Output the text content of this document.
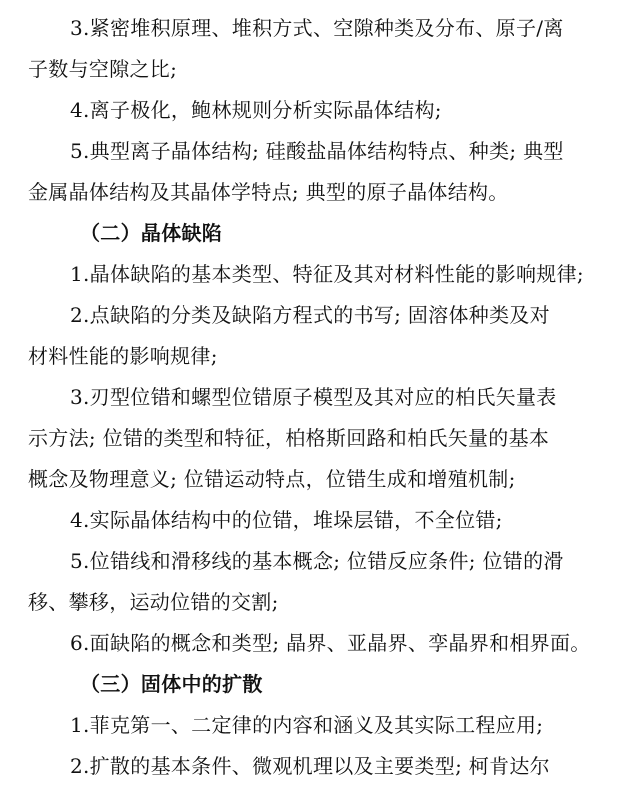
3.紧密堆积原理、堆积方式、空隙种类及分布、原子/离
子数与空隙之比;
4.离子极化，鲍林规则分析实际晶体结构;
5.典型离子晶体结构; 硅酸盐晶体结构特点、种类; 典型
金属晶体结构及其晶体学特点; 典型的原子晶体结构。
（二）晶体缺陷
1.晶体缺陷的基本类型、特征及其对材料性能的影响规律;
2.点缺陷的分类及缺陷方程式的书写; 固溶体种类及对
材料性能的影响规律;
3.刃型位错和螺型位错原子模型及其对应的柏氏矢量表
示方法; 位错的类型和特征，柏格斯回路和柏氏矢量的基本
概念及物理意义; 位错运动特点，位错生成和增殖机制;
4.实际晶体结构中的位错，堆垛层错，不全位错;
5.位错线和滑移线的基本概念; 位错反应条件; 位错的滑
移、攀移，运动位错的交割;
6.面缺陷的概念和类型; 晶界、亚晶界、孪晶界和相界面。
（三）固体中的扩散
1.菲克第一、二定律的内容和涵义及其实际工程应用;
2.扩散的基本条件、微观机理以及主要类型; 柯肯达尔
